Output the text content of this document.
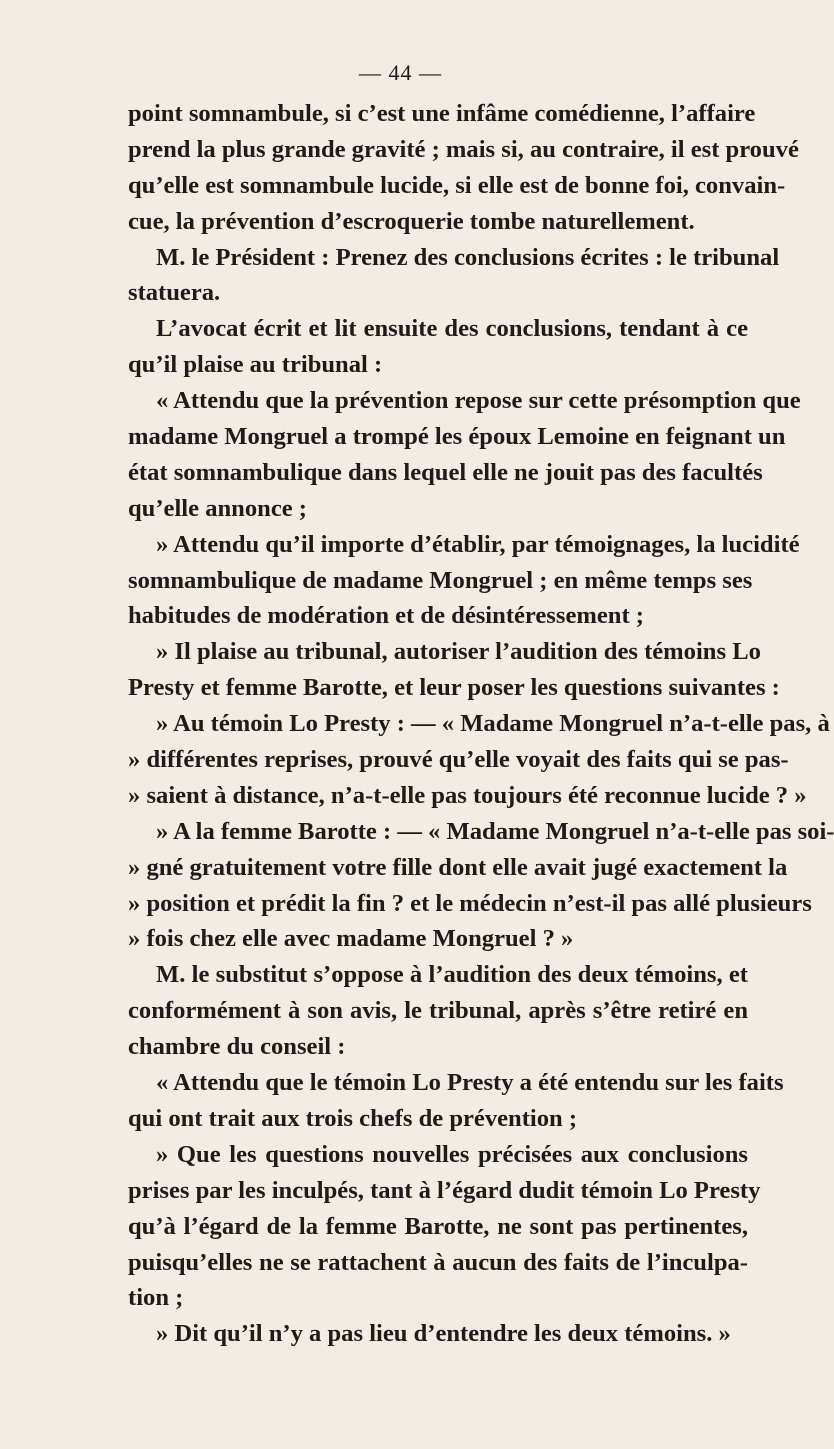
— 44 —
point somnambule, si c’est une infâme comédienne, l’affaire
prend la plus grande gravité ; mais si, au contraire, il est prouvé
qu’elle est somnambule lucide, si elle est de bonne foi, convain-
cue, la prévention d’escroquerie tombe naturellement.
M. le Président : Prenez des conclusions écrites : le tribunal
statuera.
L’avocat écrit et lit ensuite des conclusions, tendant à ce
qu’il plaise au tribunal :
« Attendu que la prévention repose sur cette présomption que
madame Mongruel a trompé les époux Lemoine en feignant un
état somnambulique dans lequel elle ne jouit pas des facultés
qu’elle annonce ;
» Attendu qu’il importe d’établir, par témoignages, la lucidité
somnambulique de madame Mongruel ; en même temps ses
habitudes de modération et de désintéressement ;
» Il plaise au tribunal, autoriser l’audition des témoins Lo
Presty et femme Barotte, et leur poser les questions suivantes :
» Au témoin Lo Presty : — « Madame Mongruel n’a-t-elle pas, à
» différentes reprises, prouvé qu’elle voyait des faits qui se pas-
» saient à distance, n’a-t-elle pas toujours été reconnue lucide ? »
» A la femme Barotte : — « Madame Mongruel n’a-t-elle pas soi-
» gné gratuitement votre fille dont elle avait jugé exactement la
» position et prédit la fin ? et le médecin n’est-il pas allé plusieurs
» fois chez elle avec madame Mongruel ? »
M. le substitut s’oppose à l’audition des deux témoins, et
conformément à son avis, le tribunal, après s’être retiré en
chambre du conseil :
« Attendu que le témoin Lo Presty a été entendu sur les faits
qui ont trait aux trois chefs de prévention ;
» Que les questions nouvelles précisées aux conclusions
prises par les inculpés, tant à l’égard dudit témoin Lo Presty
qu’à l’égard de la femme Barotte, ne sont pas pertinentes,
puisqu’elles ne se rattachent à aucun des faits de l’inculpa-
tion ;
» Dit qu’il n’y a pas lieu d’entendre les deux témoins. »
